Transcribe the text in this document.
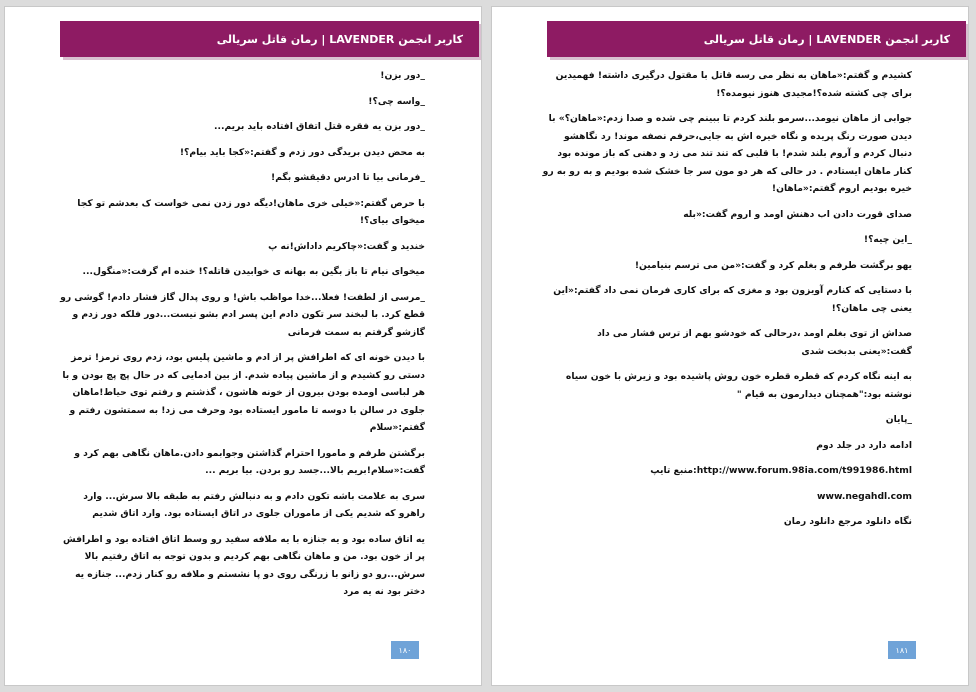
رمان قاتل سریالی | LAVENDER کاربر انجمن

_دور بزن!

_واسه چی؟!

_دور بزن یه فقره قتل اتفاق افتاده باید بریم...

به محض دیدن بریدگی دور زدم و گفتم:«کجا باید بیام؟!

_فرمانی بیا تا ادرس دقیقشو بگم!

با حرص گفتم:«خیلی خری ماهان!دیگه دور زدن نمی خواست ک بعدشم تو کجا میخوای بیای؟!

خندید و گفت:«چاکریم داداش!نه پ

میخوای نیام تا باز بگین به بهانه ی خوابیدن قاتله؟! خنده ام گرفت:«منگول...

_مرسی از لطفت! فعلا...خدا مواظب باش! و روی پدال گاز فشار دادم! گوشی رو قطع کرد. با لبخند سر تکون دادم این پسر ادم بشو نیست...دور فلکه دور زدم و گازشو گرفتم به سمت فرمانی

با دیدن خونه ای که اطرافش پر از ادم و ماشین پلیس بود، زدم روی ترمز! ترمز دستی رو کشیدم و از ماشین پیاده شدم. از بین ادمایی که در حال پچ پچ بودن و با هر لباسی اومده بودن بیرون از خونه هاشون ، گذشتم و رفتم توی حیاط!ماهان جلوی در سالن با دوسه تا مامور ایستاده بود وحرف می زد! به سمتشون رفتم و گفتم:«سلام

برگشتن طرفم و مامورا احترام گذاشتن وجوابمو دادن.ماهان نگاهی بهم کرد و گفت:«سلام!بریم بالا...جسد رو بردن. بیا بریم ...

سری به علامت باشه تکون دادم و به دنبالش رفتم به طبقه بالا سرش... وارد راهرو که شدیم یکی از ماموران جلوی در اتاق ایستاده بود. وارد اتاق شدیم

یه اتاق ساده بود و یه جنازه با یه ملافه سفید رو وسط اتاق افتاده بود و اطرافش پر از خون بود. من و ماهان نگاهی بهم کردیم و بدون توجه به اتاق رفتیم بالا سرش...رو دو زانو با زرنگی روی دو پا نشستم و ملافه رو کنار زدم... جنازه یه دختر بود نه یه مرد

۱۸۰
رمان قاتل سریالی | LAVENDER کاربر انجمن

کشیدم و گفتم:«ماهان به نظر می رسه قاتل با مقتول درگیری داشته! فهمیدین برای چی کشته شده؟!مجیدی هنوز نیومده؟!

جوابی از ماهان نیومد...سرمو بلند کردم تا ببینم چی شده و صدا زدم:«ماهان؟» با دیدن صورت رنگ پریده و نگاه خیره اش به جایی،حرفم نصفه موند! رد نگاهشو دنبال کردم و آروم بلند شدم! با قلبی که تند تند می زد و دهنی که باز مونده بود کنار ماهان ایستادم . در حالی که هر دو مون سر جا خشک شده بودیم و به رو به رو خیره بودیم اروم گفتم:«ماهان!

صدای قورت دادن اب دهنش اومد و اروم گفت:«بله

_این چیه؟!

یهو برگشت طرفم و بغلم کرد و گفت:«من می ترسم بنیامین!

با دستایی که کنارم آویزون بود و مغزی که برای کاری فرمان نمی داد گفتم:«این یعنی چی ماهان؟!

صداش از توی بغلم اومد ،درحالی که خودشو بهم از ترس فشار می داد گفت:«یعنی بدبخت شدی

به اینه نگاه کردم که قطره قطره خون روش پاشیده بود و زیرش با خون سیاه نوشته بود:"همچنان دیدارمون به قیام "

_پایان

ادامه دارد در جلد دوم

منبع تایپ:http://www.forum.98ia.com/t991986.html

www.negahdl.com

نگاه دانلود مرجع دانلود رمان

۱۸۱
